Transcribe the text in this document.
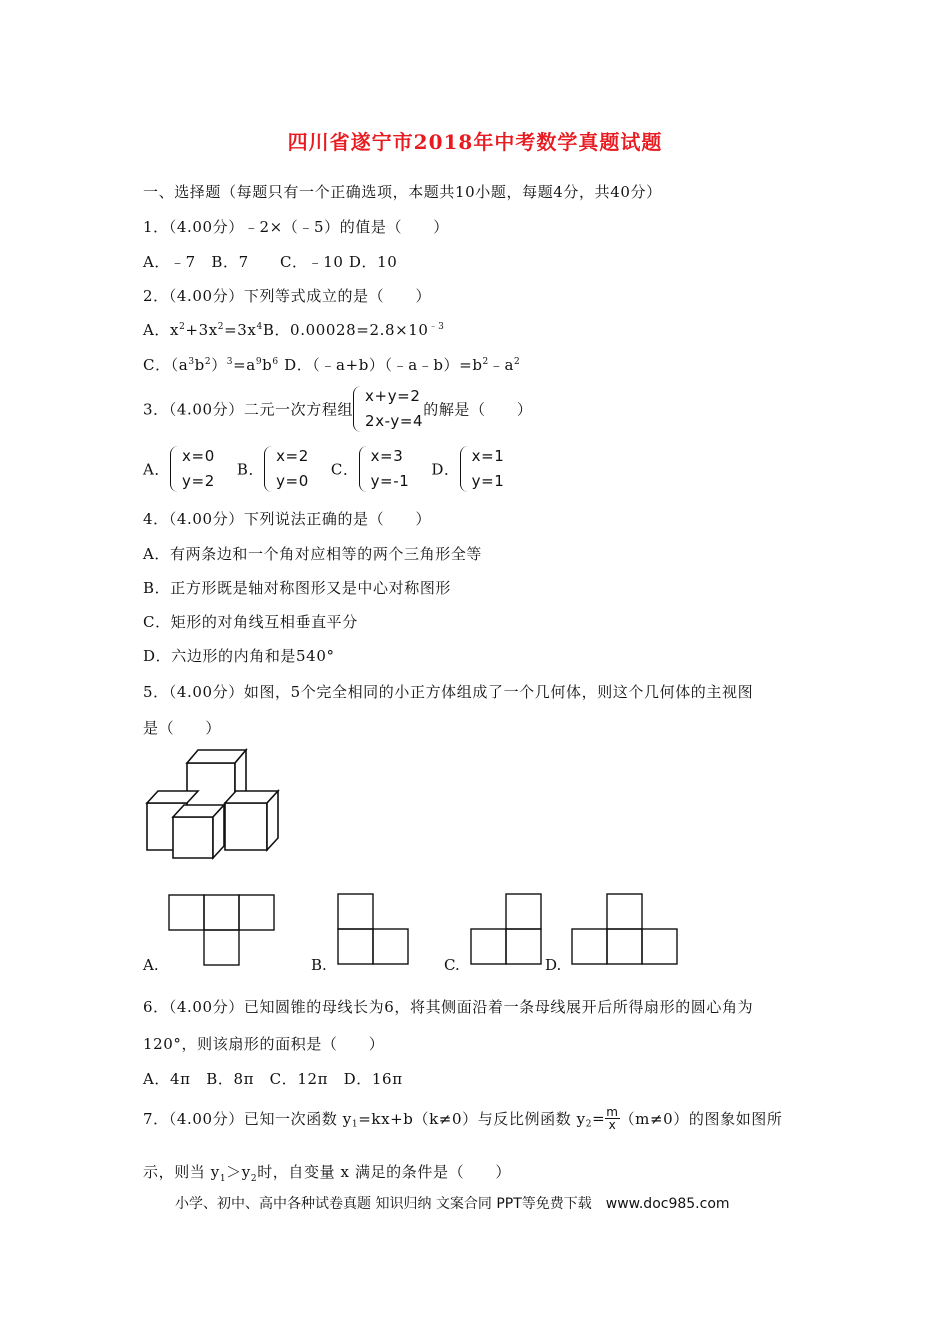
四川省遂宁市2018年中考数学真题试题
一、选择题（每题只有一个正确选项，本题共10小题，每题4分，共40分）
1．（4.00分）﹣2×（﹣5）的值是（　　）
A．﹣7　B．7　　C．﹣10 D．10
2．（4.00分）下列等式成立的是（　　）
A．$x^2+3x^2=3x^4B$．$0.00028=2.8\times 10^{﹣3}$
C．$(a^3b^2)^3=a^9b^6$ D．$(﹣a+b)(﹣a﹣b)=b^2﹣a^2$
3．（4.00分）二元一次方程组
x+y=2
2x-y=4
的解是（　　）
A．
x=0
y=2
B．
x=2
y=0
C．
x=3
y=-1
D．
x=1
y=1
4．（4.00分）下列说法正确的是（　　）
A．有两条边和一个角对应相等的两个三角形全等
B．正方形既是轴对称图形又是中心对称图形
C．矩形的对角线互相垂直平分
D．六边形的内角和是540°
5．（4.00分）如图，5个完全相同的小正方体组成了一个几何体，则这个几何体的主视图
是（　　）
A.	B.	C.	D.
6．（4.00分）已知圆锥的母线长为6，将其侧面沿着一条母线展开后所得扇形的圆心角为
120°，则该扇形的面积是（　　）
A．4π　B．8π　C．12π　D．16π
7．（4.00分）已知一次函数 $y_1=kx+b(k\ne 0)$与反比例函数 $y_2= \frac{m}{x} (m\ne 0)$的图象如图所
示，则当 $y_1>y_2$时，自变量 x 满足的条件是（　　）
小学、初中、高中各种试卷真题 知识归纳 文案合同 PPT等免费下载　www.doc985.com
